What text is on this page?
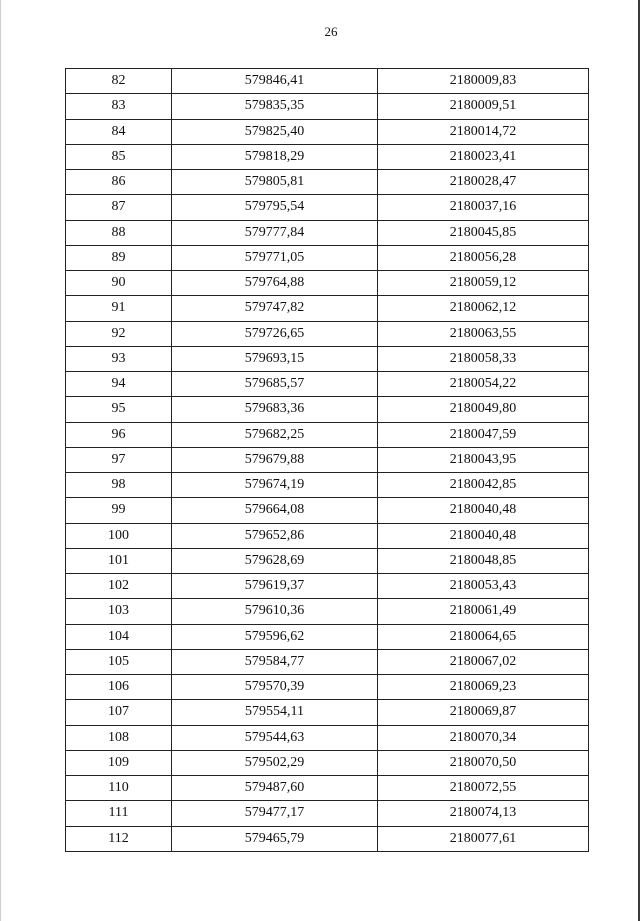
26
82	579846,41	2180009,83
83	579835,35	2180009,51
84	579825,40	2180014,72
85	579818,29	2180023,41
86	579805,81	2180028,47
87	579795,54	2180037,16
88	579777,84	2180045,85
89	579771,05	2180056,28
90	579764,88	2180059,12
91	579747,82	2180062,12
92	579726,65	2180063,55
93	579693,15	2180058,33
94	579685,57	2180054,22
95	579683,36	2180049,80
96	579682,25	2180047,59
97	579679,88	2180043,95
98	579674,19	2180042,85
99	579664,08	2180040,48
100	579652,86	2180040,48
101	579628,69	2180048,85
102	579619,37	2180053,43
103	579610,36	2180061,49
104	579596,62	2180064,65
105	579584,77	2180067,02
106	579570,39	2180069,23
107	579554,11	2180069,87
108	579544,63	2180070,34
109	579502,29	2180070,50
110	579487,60	2180072,55
111	579477,17	2180074,13
112	579465,79	2180077,61
